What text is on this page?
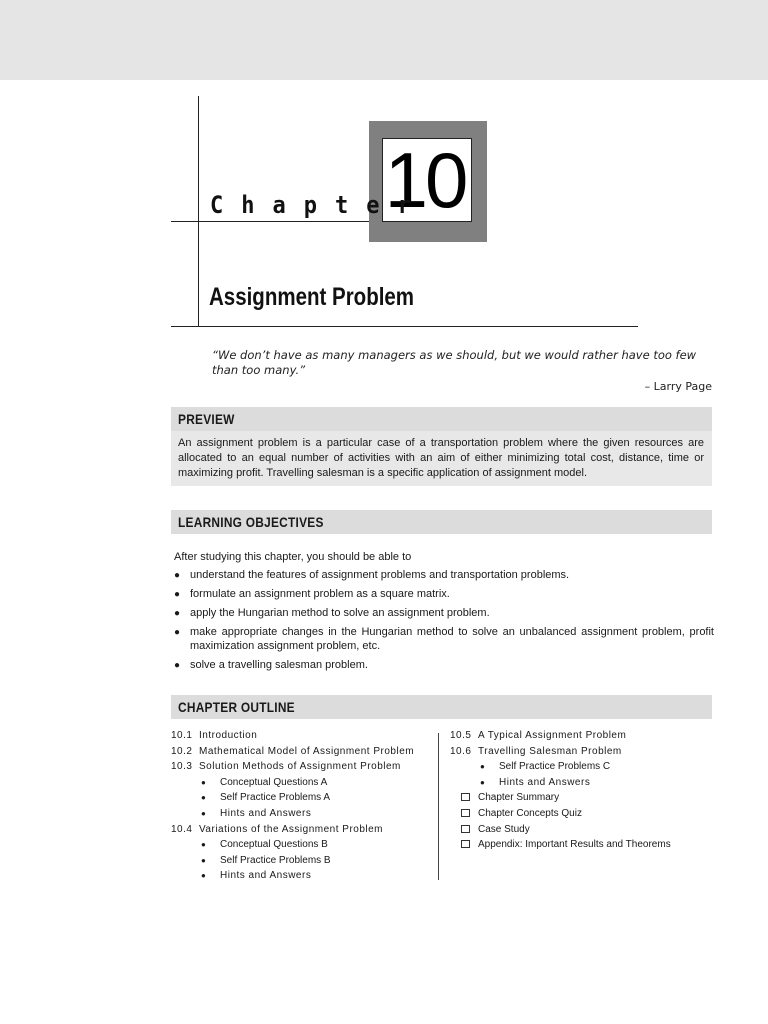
Chapter
10
Assignment Problem
“We don’t have as many managers as we should, but we would rather have too few than too many.”
– Larry Page
PREVIEW
An assignment problem is a particular case of a transportation problem where the given resources are allocated to an equal number of activities with an aim of either minimizing total cost, distance, time or maximizing profit. Travelling salesman is a specific application of assignment model.
LEARNING OBJECTIVES
After studying this chapter, you should be able to
● understand the features of assignment problems and transportation problems.
● formulate an assignment problem as a square matrix.
● apply the Hungarian method to solve an assignment problem.
● make appropriate changes in the Hungarian method to solve an unbalanced assignment problem, profit maximization assignment problem, etc.
● solve a travelling salesman problem.
CHAPTER OUTLINE
10.1 Introduction
10.2 Mathematical Model of Assignment Problem
10.3 Solution Methods of Assignment Problem
● Conceptual Questions A
● Self Practice Problems A
● Hints and Answers
10.4 Variations of the Assignment Problem
● Conceptual Questions B
● Self Practice Problems B
● Hints and Answers
10.5 A Typical Assignment Problem
10.6 Travelling Salesman Problem
● Self Practice Problems C
● Hints and Answers
Chapter Summary
Chapter Concepts Quiz
Case Study
Appendix: Important Results and Theorems
